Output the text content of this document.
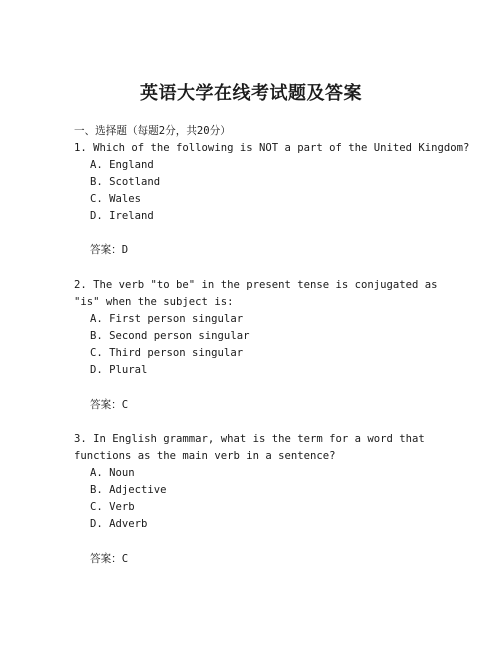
英语大学在线考试题及答案
一、选择题（每题2分，共20分）
1. Which of the following is NOT a part of the United Kingdom?
A. England
B. Scotland
C. Wales
D. Ireland
答案：D
2. The verb "to be" in the present tense is conjugated as
"is" when the subject is:
A. First person singular
B. Second person singular
C. Third person singular
D. Plural
答案：C
3. In English grammar, what is the term for a word that
functions as the main verb in a sentence?
A. Noun
B. Adjective
C. Verb
D. Adverb
答案：C
